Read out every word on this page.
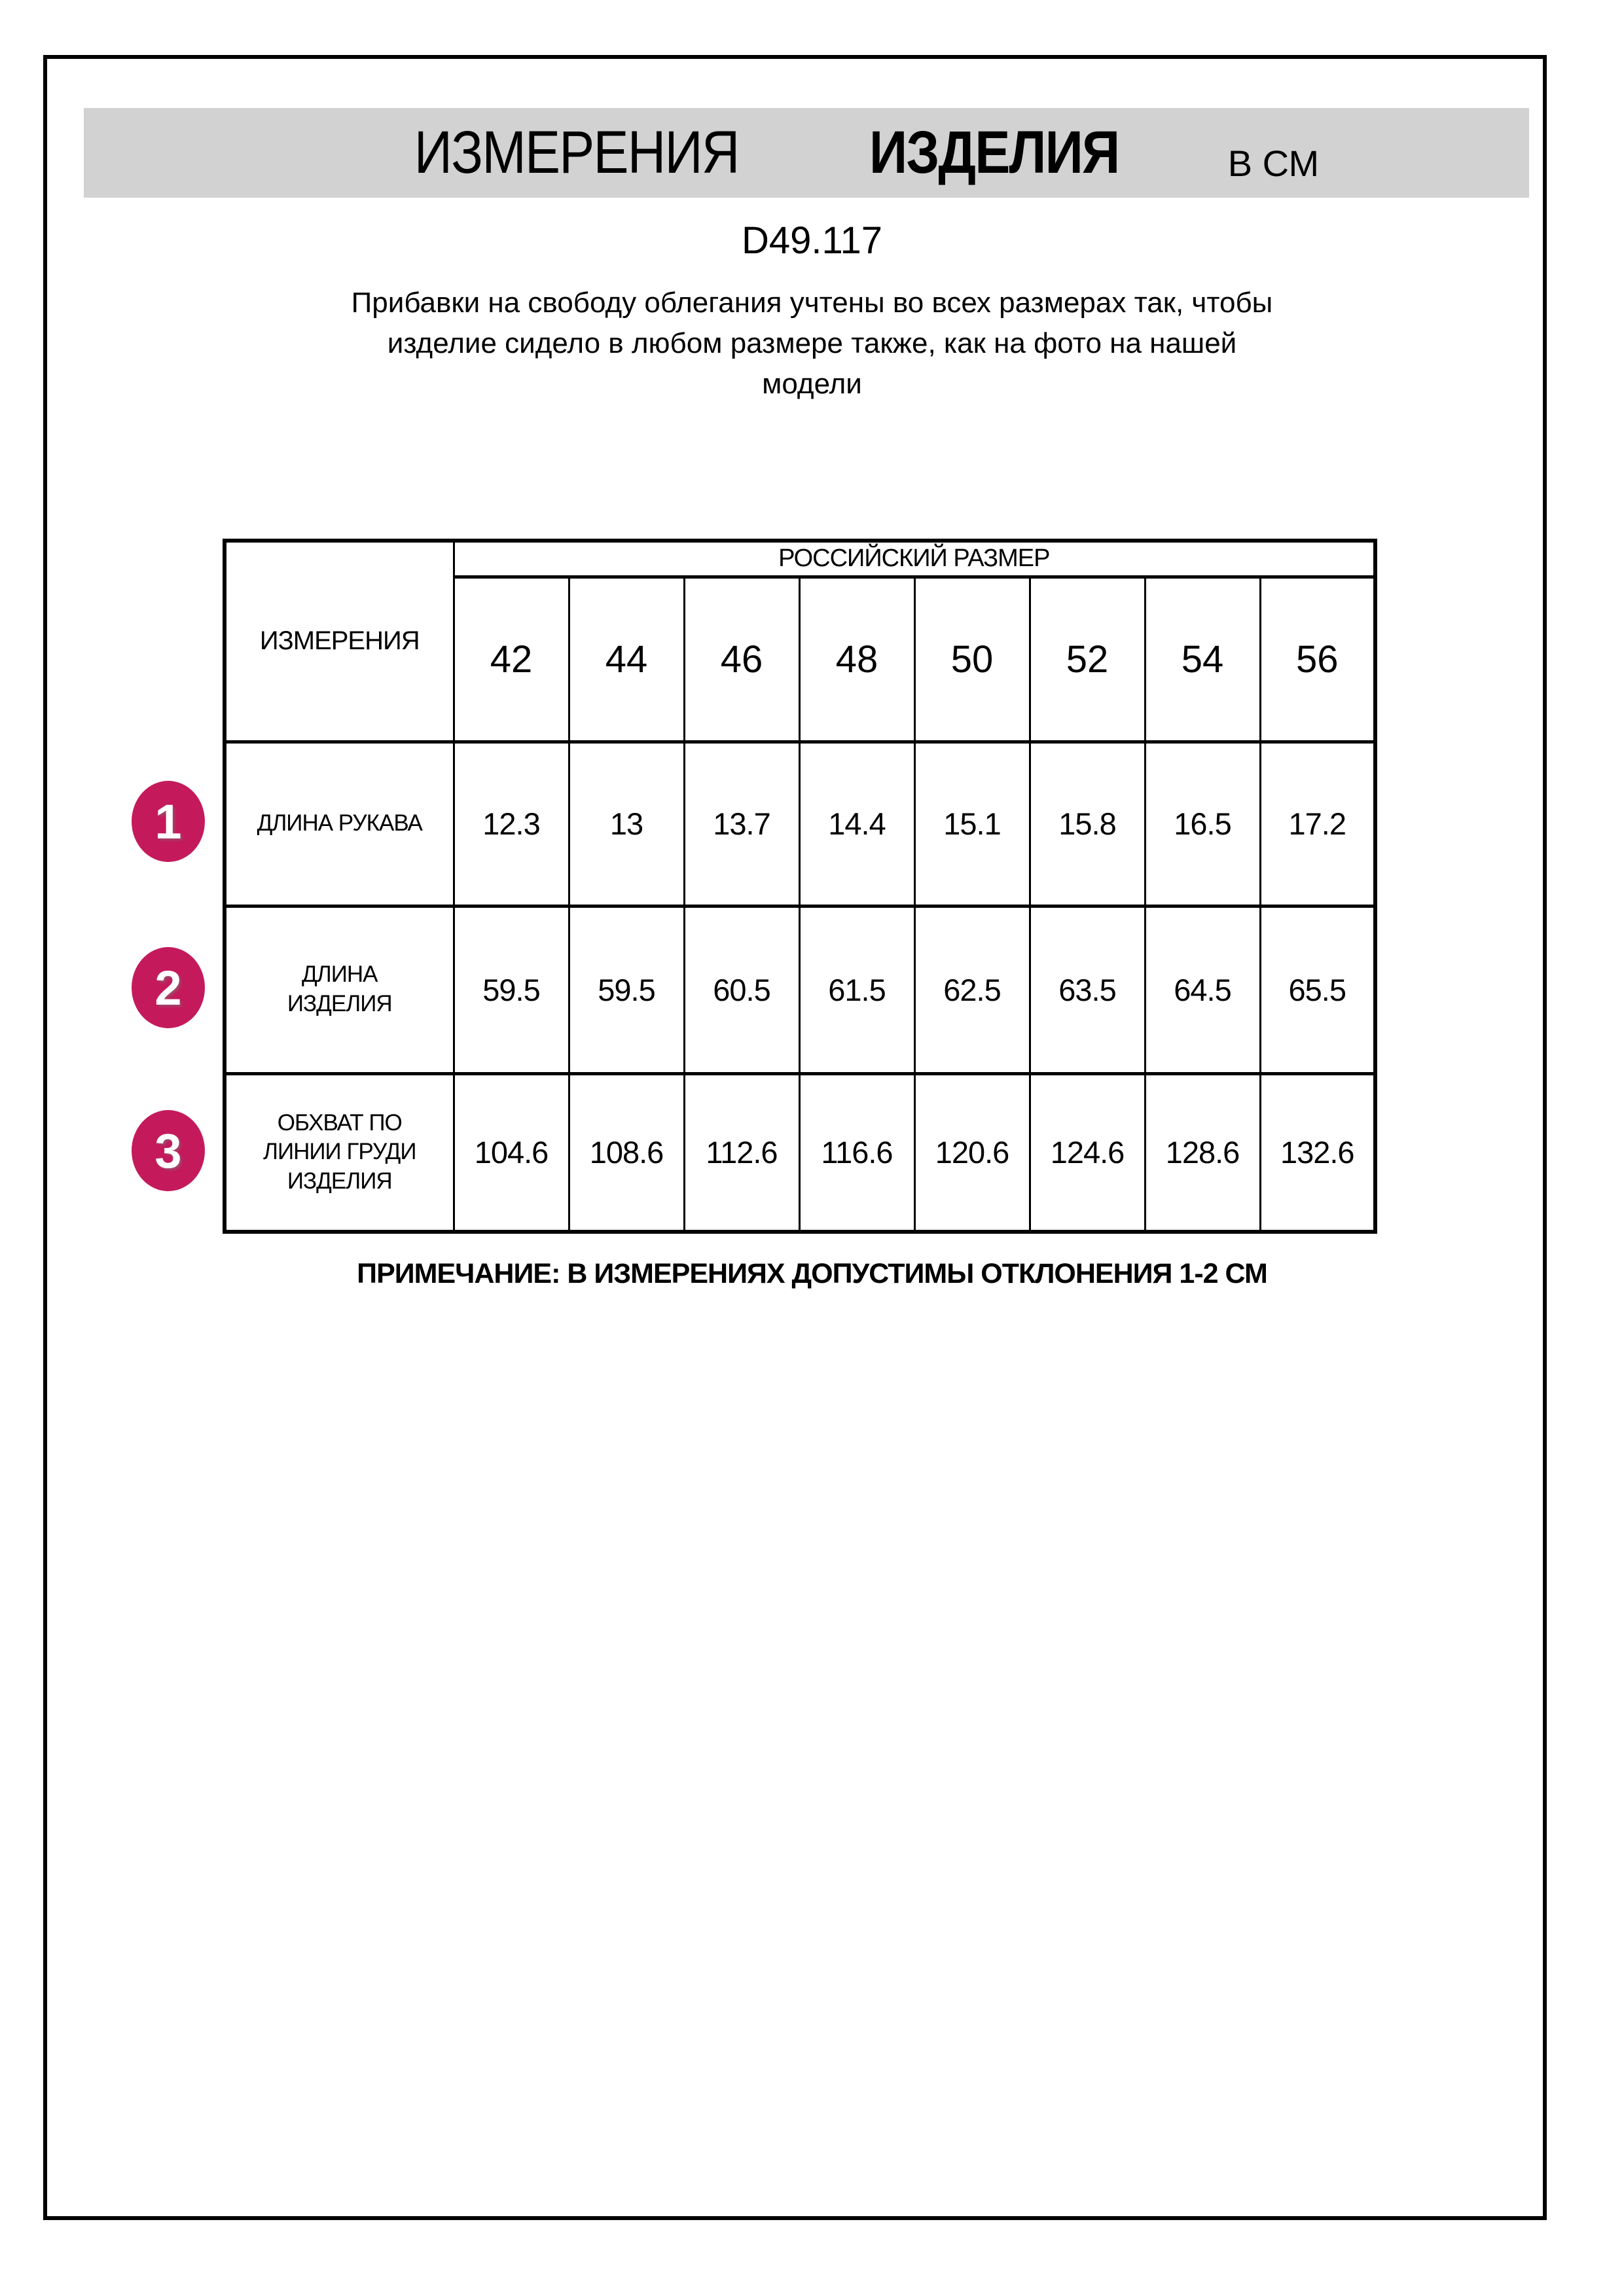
ИЗМЕРЕНИЯ ИЗДЕЛИЯ	В СМ
D49.117
Прибавки на свободу облегания учтены во всех размерах так, чтобы
изделие сидело в любом размере также, как на фото на нашей
модели
ИЗМЕРЕНИЯ	РОССИЙСКИЙ РАЗМЕР							
	42	44	46	48	50	52	54	56

ДЛИНА РУКАВА	12.3	13	13.7	14.4	15.1	15.8	16.5	17.2

ДЛИНА
ИЗДЕЛИЯ	59.5	59.5	60.5	61.5	62.5	63.5	64.5	65.5

ОБХВАТ ПО
ЛИНИИ ГРУДИ
ИЗДЕЛИЯ	104.6	108.6	112.6	116.6	120.6	124.6	128.6	132.6
1
2
3
ПРИМЕЧАНИЕ: В ИЗМЕРЕНИЯХ ДОПУСТИМЫ ОТКЛОНЕНИЯ 1-2 СМ
